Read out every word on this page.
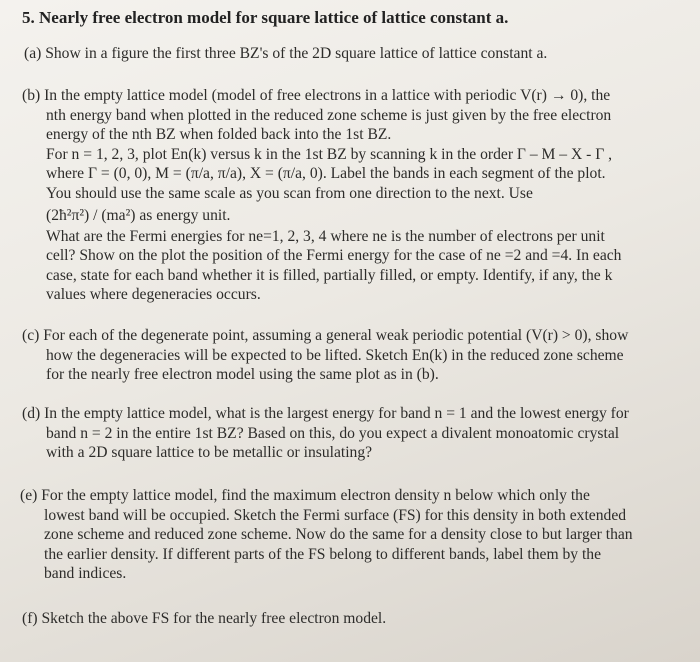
5. Nearly free electron model for square lattice of lattice constant a.
(a) Show in a figure the first three BZ's of the 2D square lattice of lattice constant a.
(b) In the empty lattice model (model of free electrons in a lattice with periodic V(r) → 0), the
nth energy band when plotted in the reduced zone scheme is just given by the free electron
energy of the nth BZ when folded back into the 1st BZ.
For n = 1, 2, 3, plot En(k) versus k in the 1st BZ by scanning k in the order Γ – M – X - Γ ,
where Γ = (0, 0), M = (π/a, π/a), X = (π/a, 0). Label the bands in each segment of the plot.
You should use the same scale as you scan from one direction to the next. Use
(2ħ²π²) / (ma²) as energy unit.
What are the Fermi energies for ne=1, 2, 3, 4 where ne is the number of electrons per unit
cell? Show on the plot the position of the Fermi energy for the case of ne =2 and =4. In each
case, state for each band whether it is filled, partially filled, or empty. Identify, if any, the k
values where degeneracies occurs.
(c) For each of the degenerate point, assuming a general weak periodic potential (V(r) > 0), show
how the degeneracies will be expected to be lifted. Sketch En(k) in the reduced zone scheme
for the nearly free electron model using the same plot as in (b).
(d) In the empty lattice model, what is the largest energy for band n = 1 and the lowest energy for
band n = 2 in the entire 1st BZ? Based on this, do you expect a divalent monoatomic crystal
with a 2D square lattice to be metallic or insulating?
(e) For the empty lattice model, find the maximum electron density n below which only the
lowest band will be occupied. Sketch the Fermi surface (FS) for this density in both extended
zone scheme and reduced zone scheme. Now do the same for a density close to but larger than
the earlier density. If different parts of the FS belong to different bands, label them by the
band indices.
(f) Sketch the above FS for the nearly free electron model.
